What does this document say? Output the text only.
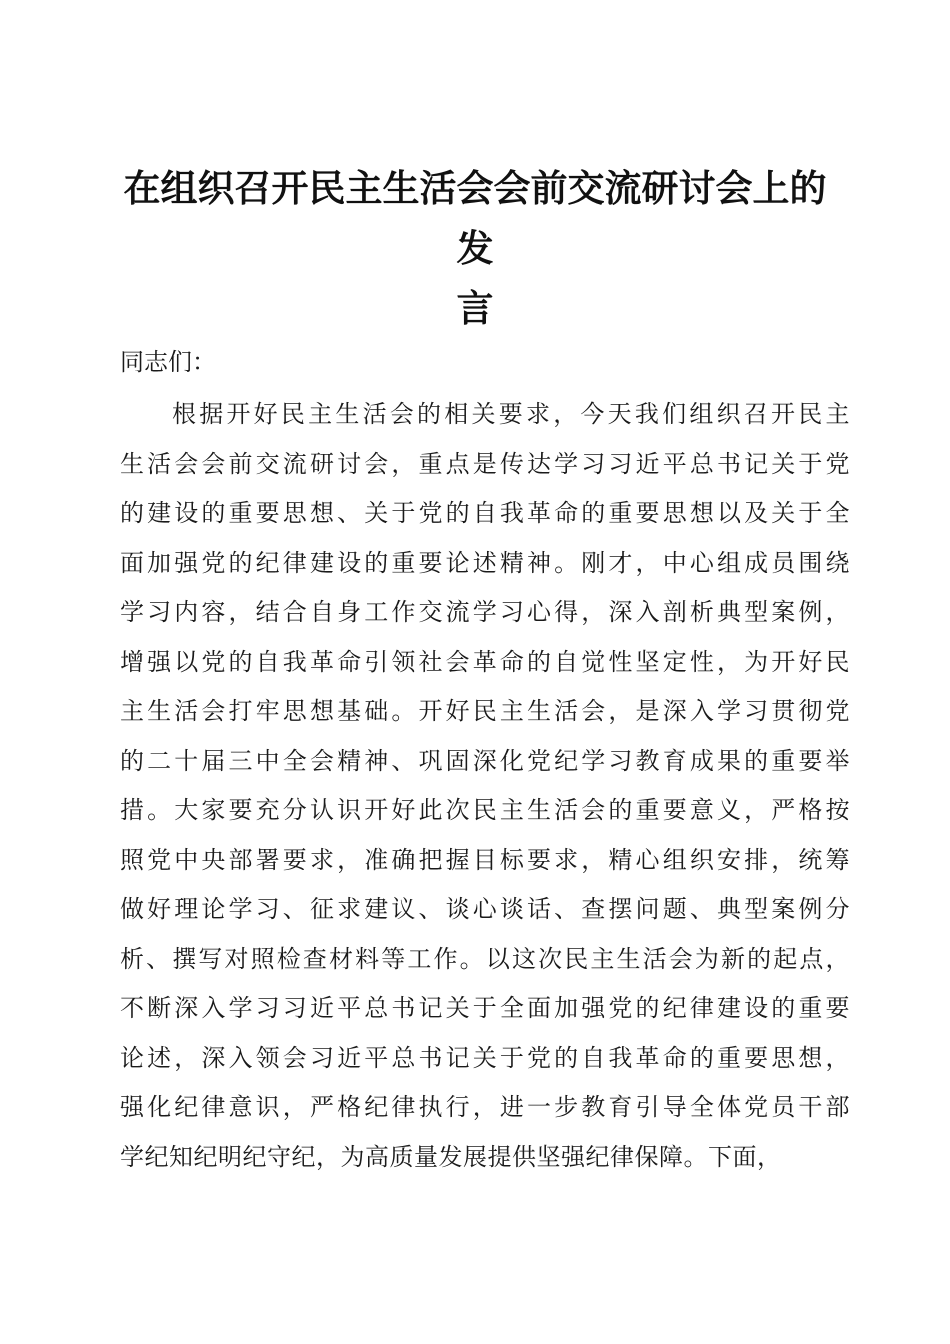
在组织召开民主生活会会前交流研讨会上的发
言

同志们：

根据开好民主生活会的相关要求，今天我们组织召开民主
生活会会前交流研讨会，重点是传达学习习近平总书记关于党
的建设的重要思想、关于党的自我革命的重要思想以及关于全
面加强党的纪律建设的重要论述精神。刚才，中心组成员围绕
学习内容，结合自身工作交流学习心得，深入剖析典型案例，
增强以党的自我革命引领社会革命的自觉性坚定性，为开好民
主生活会打牢思想基础。开好民主生活会，是深入学习贯彻党
的二十届三中全会精神、巩固深化党纪学习教育成果的重要举
措。大家要充分认识开好此次民主生活会的重要意义，严格按
照党中央部署要求，准确把握目标要求，精心组织安排，统筹
做好理论学习、征求建议、谈心谈话、查摆问题、典型案例分
析、撰写对照检查材料等工作。以这次民主生活会为新的起点，
不断深入学习习近平总书记关于全面加强党的纪律建设的重要
论述，深入领会习近平总书记关于党的自我革命的重要思想，
强化纪律意识，严格纪律执行，进一步教育引导全体党员干部
学纪知纪明纪守纪，为高质量发展提供坚强纪律保障。下面，
